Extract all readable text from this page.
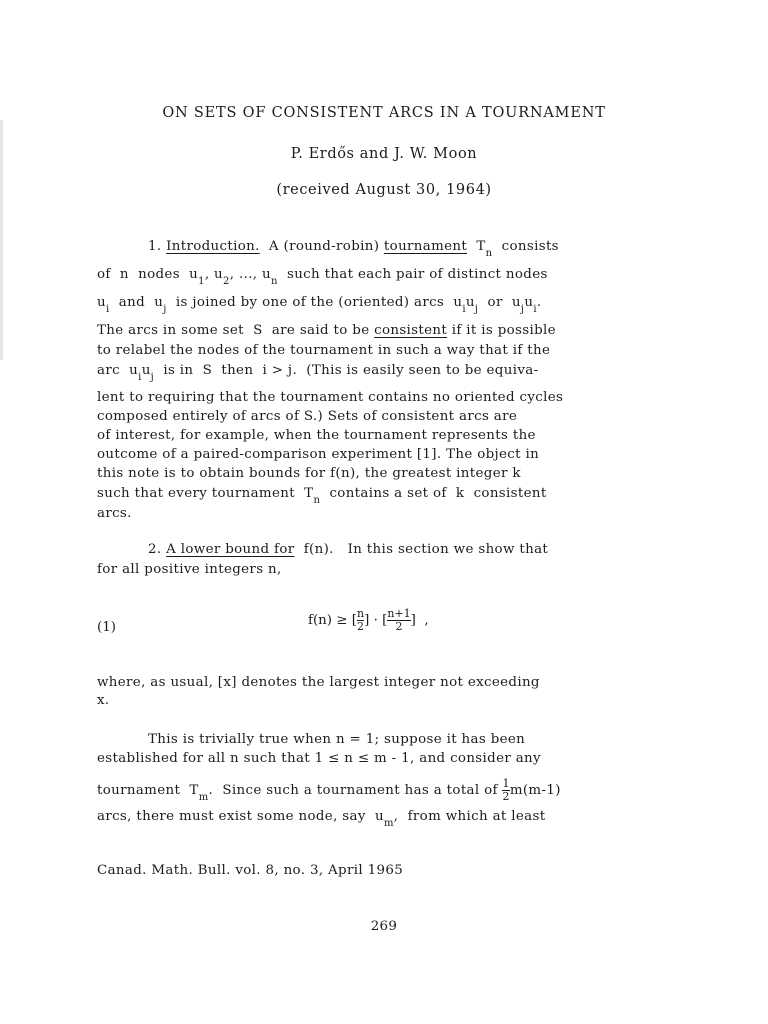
ON SETS OF CONSISTENT ARCS IN A TOURNAMENT
P. Erdős and J. W. Moon
(received August 30, 1964)
1. Introduction.  A (round-robin) tournament  $T_n$  consists
of  n  nodes  $u_1$, $u_2$, ..., $u_n$  such that each pair of distinct nodes
$u_i$  and  $u_j$  is joined by one of the (oriented) arcs  $u_iu_j$  or  $u_ju_i$.
The arcs in some set  S  are said to be consistent if it is possible
to relabel the nodes of the tournament in such a way that if the
arc  $u_iu_j$  is in  S  then  i > j.  (This is easily seen to be equiva-
lent to requiring that the tournament contains no oriented cycles
composed entirely of arcs of S.) Sets of consistent arcs are
of interest, for example, when the tournament represents the
outcome of a paired-comparison experiment [1]. The object in
this note is to obtain bounds for f(n), the greatest integer k
such that every tournament  $T_n$  contains a set of  k  consistent
arcs.
2. A lower bound for  f(n).   In this section we show that
for all positive integers n,
(1)	f(n) ≥ [ $\frac{n}{2}$ ] · [ $\frac{n+1}{2}$ ]  ,
where, as usual, [x] denotes the largest integer not exceeding
x.
This is trivially true when n = 1; suppose it has been
established for all n such that 1 ≤ n ≤ m - 1, and consider any
tournament  $T_m$.  Since such a tournament has a total of $\frac{1}{2} m(m-1)$
arcs, there must exist some node, say  $u_m$,  from which at least
Canad. Math. Bull. vol. 8, no. 3, April 1965
269
